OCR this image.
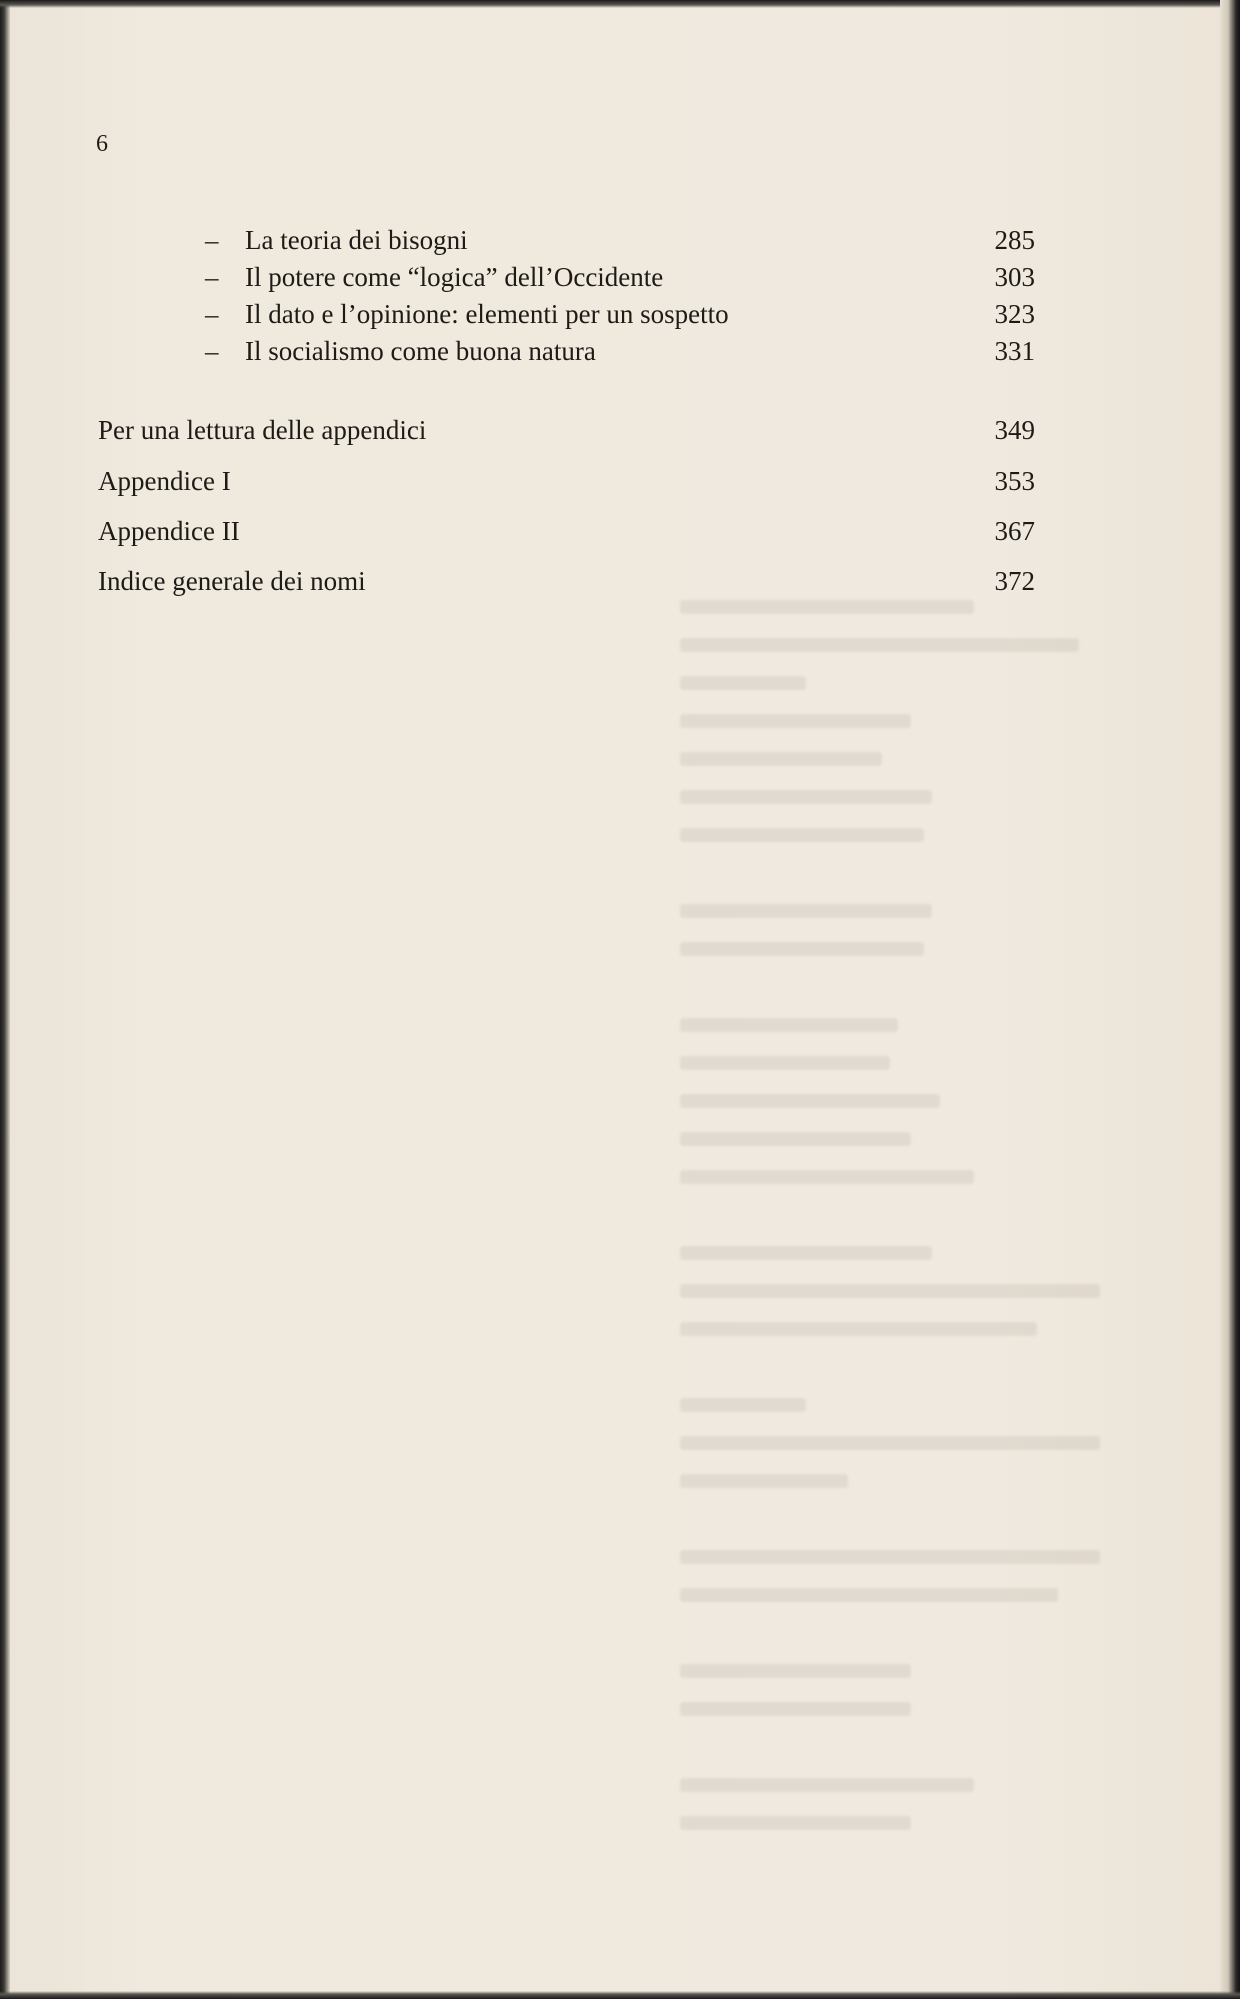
6
– La teoria dei bisogni	285
– Il potere come “logica” dell’Occidente	303
– Il dato e l’opinione: elementi per un sospetto	323
– Il socialismo come buona natura	331
Per una lettura delle appendici	349
Appendice I	353
Appendice II	367
Indice generale dei nomi	372
